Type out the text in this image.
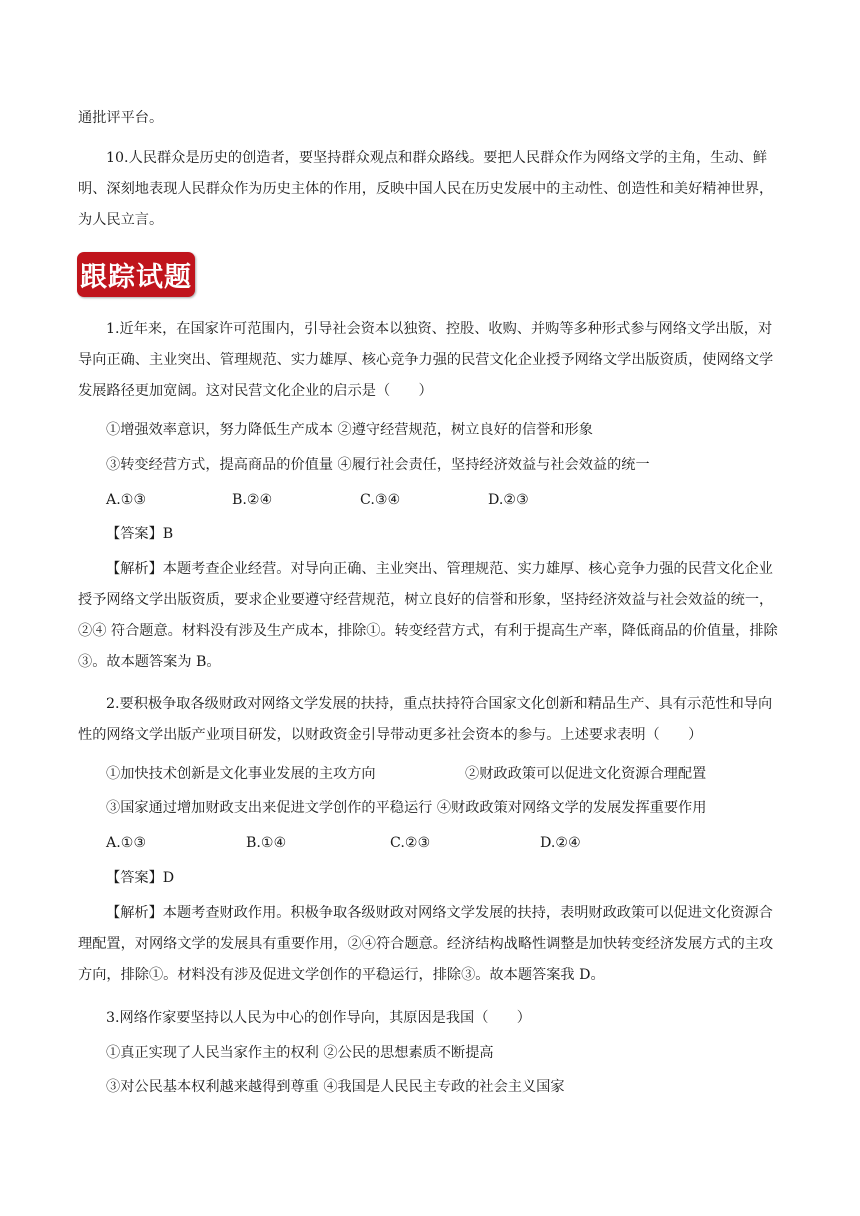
通批评平台。

10.人民群众是历史的创造者，要坚持群众观点和群众路线。要把人民群众作为网络文学的主角，生动、鲜明、深刻地表现人民群众作为历史主体的作用，反映中国人民在历史发展中的主动性、创造性和美好精神世界，为人民立言。

跟踪试题

1.近年来，在国家许可范围内，引导社会资本以独资、控股、收购、并购等多种形式参与网络文学出版，对导向正确、主业突出、管理规范、实力雄厚、核心竞争力强的民营文化企业授予网络文学出版资质，使网络文学发展路径更加宽阔。这对民营文化企业的启示是（　　）

①增强效率意识，努力降低生产成本 ②遵守经营规范，树立良好的信誉和形象
③转变经营方式，提高商品的价值量 ④履行社会责任，坚持经济效益与社会效益的统一
A.①③	B.②④	C.③④	D.②③
【答案】B

【解析】本题考查企业经营。对导向正确、主业突出、管理规范、实力雄厚、核心竞争力强的民营文化企业授予网络文学出版资质，要求企业要遵守经营规范，树立良好的信誉和形象，坚持经济效益与社会效益的统一，②④ 符合题意。材料没有涉及生产成本，排除①。转变经营方式，有利于提高生产率，降低商品的价值量，排除③。故本题答案为 B。

2.要积极争取各级财政对网络文学发展的扶持，重点扶持符合国家文化创新和精品生产、具有示范性和导向性的网络文学出版产业项目研发，以财政资金引导带动更多社会资本的参与。上述要求表明（　　）

①加快技术创新是文化事业发展的主攻方向	②财政政策可以促进文化资源合理配置
③国家通过增加财政支出来促进文学创作的平稳运行 ④财政政策对网络文学的发展发挥重要作用
A.①③	B.①④	C.②③	D.②④
【答案】D

【解析】本题考查财政作用。积极争取各级财政对网络文学发展的扶持，表明财政政策可以促进文化资源合理配置，对网络文学的发展具有重要作用，②④符合题意。经济结构战略性调整是加快转变经济发展方式的主攻方向，排除①。材料没有涉及促进文学创作的平稳运行，排除③。故本题答案我 D。

3.网络作家要坚持以人民为中心的创作导向，其原因是我国（　　）
①真正实现了人民当家作主的权利 ②公民的思想素质不断提高
③对公民基本权利越来越得到尊重 ④我国是人民民主专政的社会主义国家
